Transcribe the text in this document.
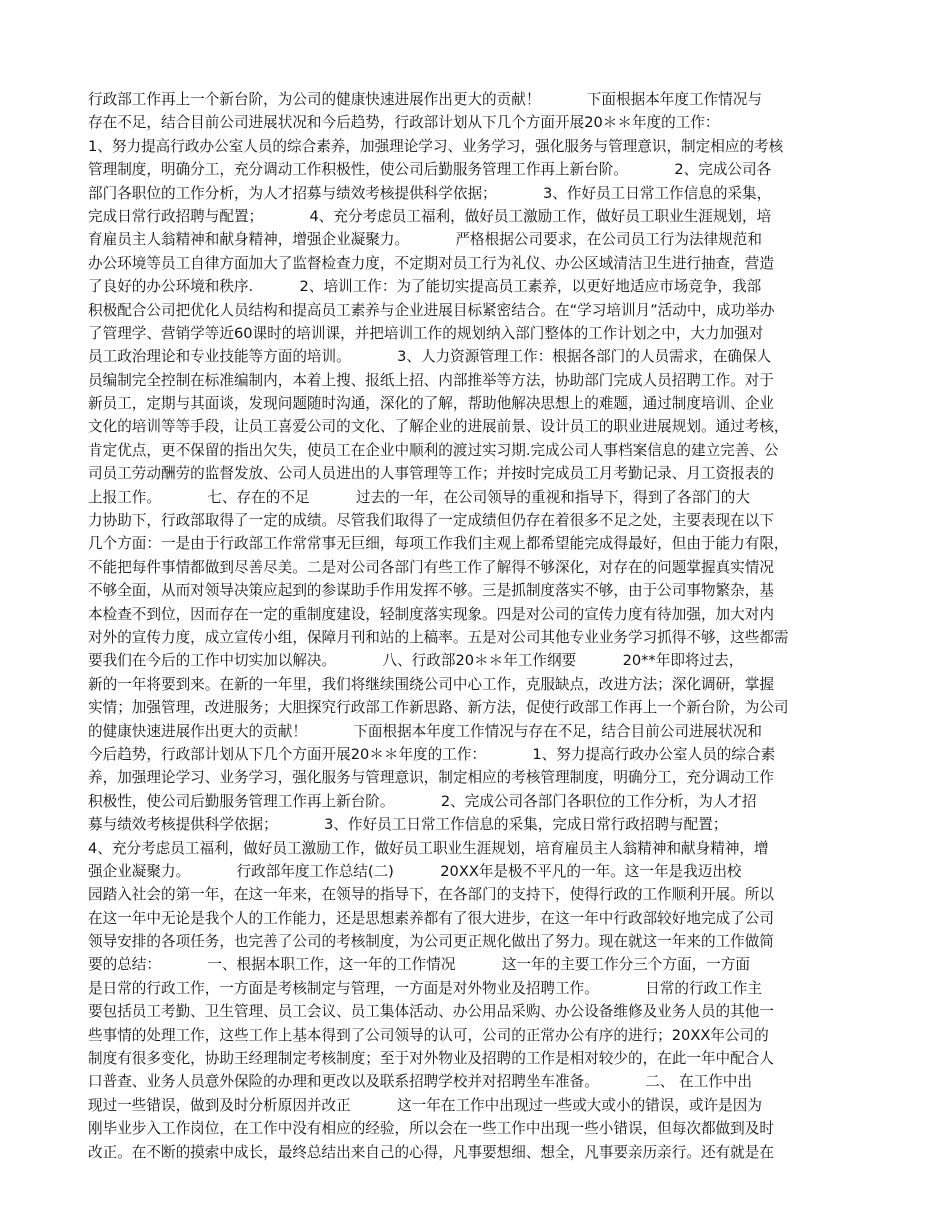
行政部工作再上一个新台阶，为公司的健康快速进展作出更大的贡献！          下面根据本年度工作情况与
存在不足，结合目前公司进展状况和今后趋势，行政部计划从下几个方面开展20＊＊年度的工作：
1、努力提高行政办公室人员的综合素养，加强理论学习、业务学习，强化服务与管理意识，制定相应的考核
管理制度，明确分工，充分调动工作积极性，使公司后勤服务管理工作再上新台阶。          2、完成公司各
部门各职位的工作分析，为人才招募与绩效考核提供科学依据；          3、作好员工日常工作信息的采集，
完成日常行政招聘与配置；          4、充分考虑员工福利，做好员工激励工作，做好员工职业生涯规划，培
育雇员主人翁精神和献身精神，增强企业凝聚力。          严格根据公司要求，在公司员工行为法律规范和
办公环境等员工自律方面加大了监督检查力度，不定期对员工行为礼仪、办公区域清洁卫生进行抽查，营造
了良好的办公环境和秩序.          2、培训工作：为了能切实提高员工素养，以更好地适应市场竞争，我部
积极配合公司把优化人员结构和提高员工素养与企业进展目标紧密结合。在“学习培训月”活动中，成功举办
了管理学、营销学等近60课时的培训课，并把培训工作的规划纳入部门整体的工作计划之中，大力加强对
员工政治理论和专业技能等方面的培训。          3、人力资源管理工作：根据各部门的人员需求，在确保人
员编制完全控制在标准编制内，本着上搜、报纸上招、内部推举等方法，协助部门完成人员招聘工作。对于
新员工，定期与其面谈，发现问题随时沟通，深化的了解，帮助他解决思想上的难题，通过制度培训、企业
文化的培训等等手段，让员工喜爱公司的文化、了解企业的进展前景、设计员工的职业进展规划。通过考核，
肯定优点，更不保留的指出欠失，使员工在企业中顺利的渡过实习期.完成公司人事档案信息的建立完善、公
司员工劳动酬劳的监督发放、公司人员进出的人事管理等工作；并按时完成员工月考勤记录、月工资报表的
上报工作。          七、存在的不足          过去的一年，在公司领导的重视和指导下，得到了各部门的大
力协助下，行政部取得了一定的成绩。尽管我们取得了一定成绩但仍存在着很多不足之处，主要表现在以下
几个方面：一是由于行政部工作常常事无巨细，每项工作我们主观上都希望能完成得最好，但由于能力有限，
不能把每件事情都做到尽善尽美。二是对公司各部门有些工作了解得不够深化，对存在的问题掌握真实情况
不够全面，从而对领导决策应起到的参谋助手作用发挥不够。三是抓制度落实不够，由于公司事物繁杂，基
本检查不到位，因而存在一定的重制度建设，轻制度落实现象。四是对公司的宣传力度有待加强，加大对内
对外的宣传力度，成立宣传小组，保障月刊和站的上稿率。五是对公司其他专业业务学习抓得不够，这些都需
要我们在今后的工作中切实加以解决。          八、行政部20＊＊年工作纲要          20**年即将过去，
新的一年将要到来。在新的一年里，我们将继续围绕公司中心工作，克服缺点，改进方法；深化调研，掌握
实情；加强管理，改进服务；大胆探究行政部工作新思路、新方法，促使行政部工作再上一个新台阶，为公司
的健康快速进展作出更大的贡献！          下面根据本年度工作情况与存在不足，结合目前公司进展状况和
今后趋势，行政部计划从下几个方面开展20＊＊年度的工作：          1、努力提高行政办公室人员的综合素
养，加强理论学习、业务学习，强化服务与管理意识，制定相应的考核管理制度，明确分工，充分调动工作
积极性，使公司后勤服务管理工作再上新台阶。          2、完成公司各部门各职位的工作分析，为人才招
募与绩效考核提供科学依据；          3、作好员工日常工作信息的采集，完成日常行政招聘与配置；
4、充分考虑员工福利，做好员工激励工作，做好员工职业生涯规划，培育雇员主人翁精神和献身精神，增
强企业凝聚力。          行政部年度工作总结(二)          20XX年是极不平凡的一年。这一年是我迈出校
园踏入社会的第一年，在这一年来，在领导的指导下，在各部门的支持下，使得行政的工作顺利开展。所以
在这一年中无论是我个人的工作能力，还是思想素养都有了很大进步，在这一年中行政部较好地完成了公司
领导安排的各项任务，也完善了公司的考核制度，为公司更正规化做出了努力。现在就这一年来的工作做简
要的总结：          一、根据本职工作，这一年的工作情况          这一年的主要工作分三个方面，一方面
是日常的行政工作，一方面是考核制定与管理，一方面是对外物业及招聘工作。          日常的行政工作主
要包括员工考勤、卫生管理、员工会议、员工集体活动、办公用品采购、办公设备维修及业务人员的其他一
些事情的处理工作，这些工作上基本得到了公司领导的认可，公司的正常办公有序的进行；20XX年公司的
制度有很多变化，协助王经理制定考核制度；至于对外物业及招聘的工作是相对较少的，在此一年中配合人
口普查、业务人员意外保险的办理和更改以及联系招聘学校并对招聘坐车准备。          二、 在工作中出
现过一些错误，做到及时分析原因并改正          这一年在工作中出现过一些或大或小的错误，或许是因为
刚毕业步入工作岗位，在工作中没有相应的经验，所以会在一些工作中出现一些小错误，但每次都做到及时
改正。在不断的摸索中成长，最终总结出来自己的心得，凡事要想细、想全，凡事要亲历亲行。还有就是在
